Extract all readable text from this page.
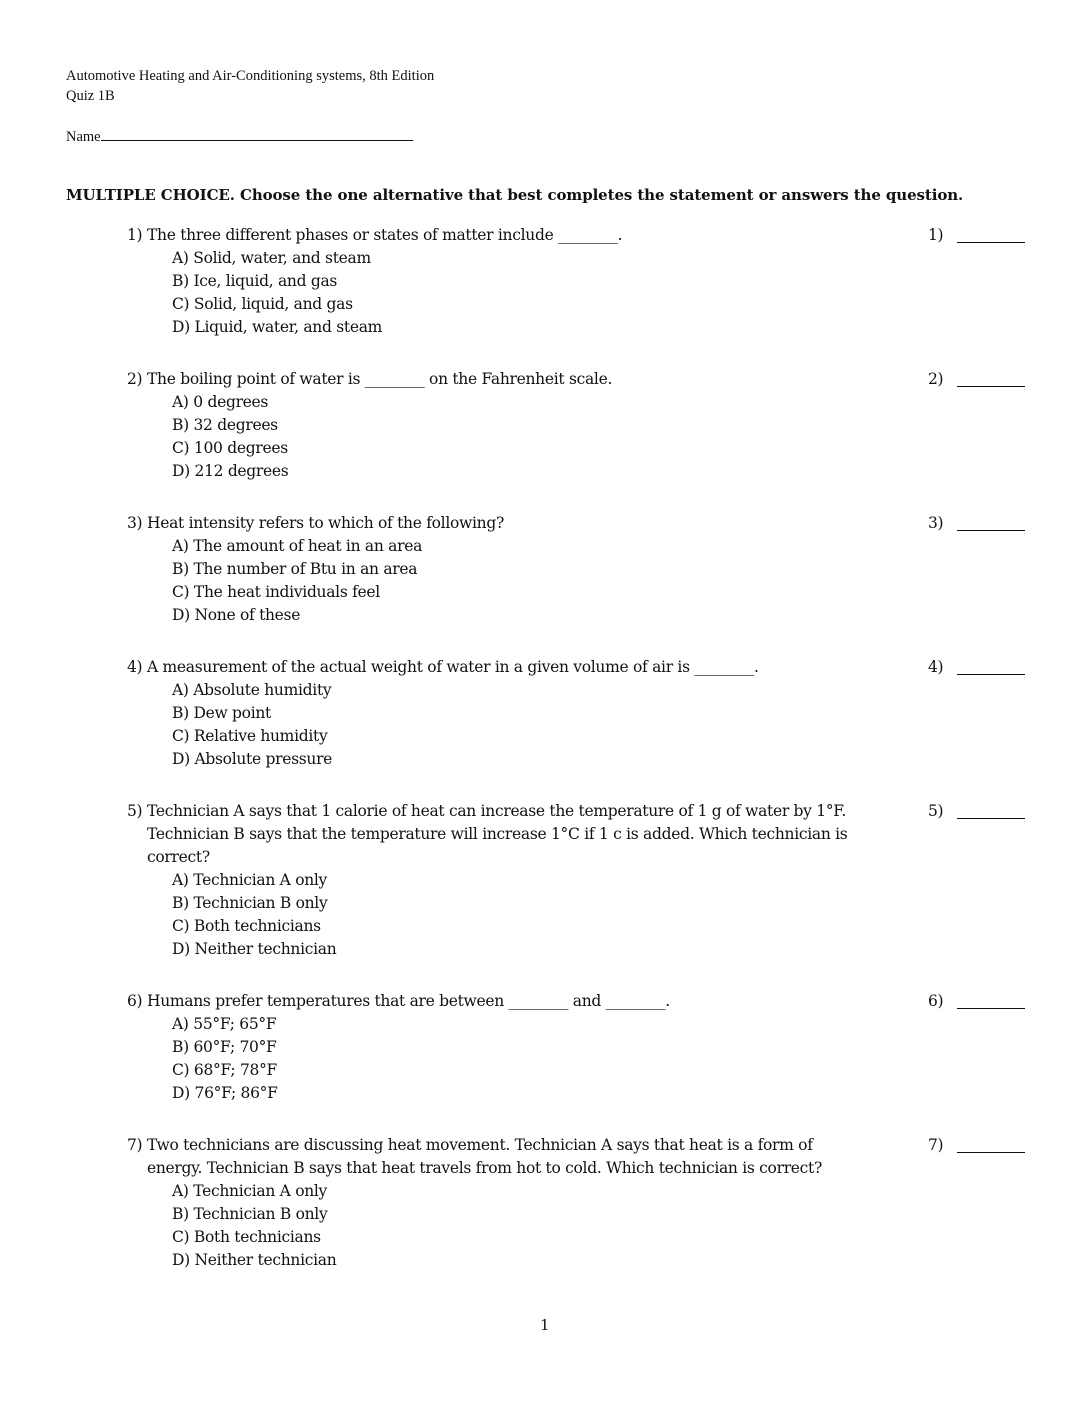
Automotive Heating and Air-Conditioning systems, 8th Edition
Quiz 1B
Name
MULTIPLE CHOICE. Choose the one alternative that best completes the statement or answers the question.
1) The three different phases or states of matter include ________.
A) Solid, water, and steam
B) Ice, liquid, and gas
C) Solid, liquid, and gas
D) Liquid, water, and steam
1)
2) The boiling point of water is ________ on the Fahrenheit scale.
A) 0 degrees
B) 32 degrees
C) 100 degrees
D) 212 degrees
2)
3) Heat intensity refers to which of the following?
A) The amount of heat in an area
B) The number of Btu in an area
C) The heat individuals feel
D) None of these
3)
4) A measurement of the actual weight of water in a given volume of air is ________.
A) Absolute humidity
B) Dew point
C) Relative humidity
D) Absolute pressure
4)
5) Technician A says that 1 calorie of heat can increase the temperature of 1 g of water by 1°F. Technician B says that the temperature will increase 1°C if 1 c is added. Which technician is correct?
A) Technician A only
B) Technician B only
C) Both technicians
D) Neither technician
5)
6) Humans prefer temperatures that are between ________ and ________.
A) 55°F; 65°F
B) 60°F; 70°F
C) 68°F; 78°F
D) 76°F; 86°F
6)
7) Two technicians are discussing heat movement. Technician A says that heat is a form of energy. Technician B says that heat travels from hot to cold. Which technician is correct?
A) Technician A only
B) Technician B only
C) Both technicians
D) Neither technician
7)
1
